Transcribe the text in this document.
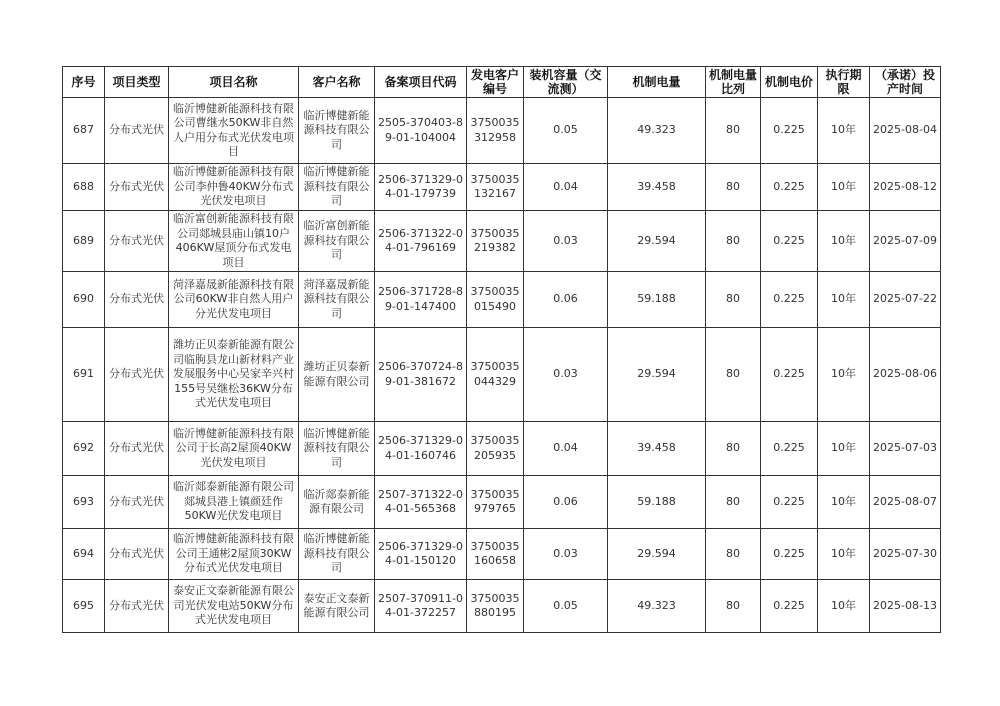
序号	项目类型	项目名称	客户名称	备案项目代码	发电客户编号	装机容量（交流测）	机制电量	机制电量比列	机制电价	执行期限	（承诺）投产时间
687	分布式光伏	临沂博健新能源科技有限公司曹继水50KW非自然人户用分布式光伏发电项目	临沂博健新能源科技有限公司	2505-370403-89-01-104004	3750035312958	0.05	49.323	80	0.225	10年	2025-08-04
688	分布式光伏	临沂博健新能源科技有限公司李仲鲁40KW分布式光伏发电项目	临沂博健新能源科技有限公司	2506-371329-04-01-179739	3750035132167	0.04	39.458	80	0.225	10年	2025-08-12
689	分布式光伏	临沂富创新能源科技有限公司郯城县庙山镇10户406KW屋顶分布式发电项目	临沂富创新能源科技有限公司	2506-371322-04-01-796169	3750035219382	0.03	29.594	80	0.225	10年	2025-07-09
690	分布式光伏	菏泽嘉晟新能源科技有限公司60KW非自然人用户分光伏发电项目	菏泽嘉晟新能源科技有限公司	2506-371728-89-01-147400	3750035015490	0.06	59.188	80	0.225	10年	2025-07-22
691	分布式光伏	潍坊正贝泰新能源有限公司临朐县龙山新材料产业发展服务中心吴家辛兴村155号吴继松36KW分布式光伏发电项目	潍坊正贝泰新能源有限公司	2506-370724-89-01-381672	3750035044329	0.03	29.594	80	0.225	10年	2025-08-06
692	分布式光伏	临沂博健新能源科技有限公司于长高2屋顶40KW光伏发电项目	临沂博健新能源科技有限公司	2506-371329-04-01-160746	3750035205935	0.04	39.458	80	0.225	10年	2025-07-03
693	分布式光伏	临沂郯泰新能源有限公司郯城县港上镇颜廷作50KW光伏发电项目	临沂郯泰新能源有限公司	2507-371322-04-01-565368	3750035979765	0.06	59.188	80	0.225	10年	2025-08-07
694	分布式光伏	临沂博健新能源科技有限公司王通彬2屋顶30KW分布式光伏发电项目	临沂博健新能源科技有限公司	2506-371329-04-01-150120	3750035160658	0.03	29.594	80	0.225	10年	2025-07-30
695	分布式光伏	泰安正文泰新能源有限公司光伏发电站50KW分布式光伏发电项目	泰安正文泰新能源有限公司	2507-370911-04-01-372257	3750035880195	0.05	49.323	80	0.225	10年	2025-08-13
